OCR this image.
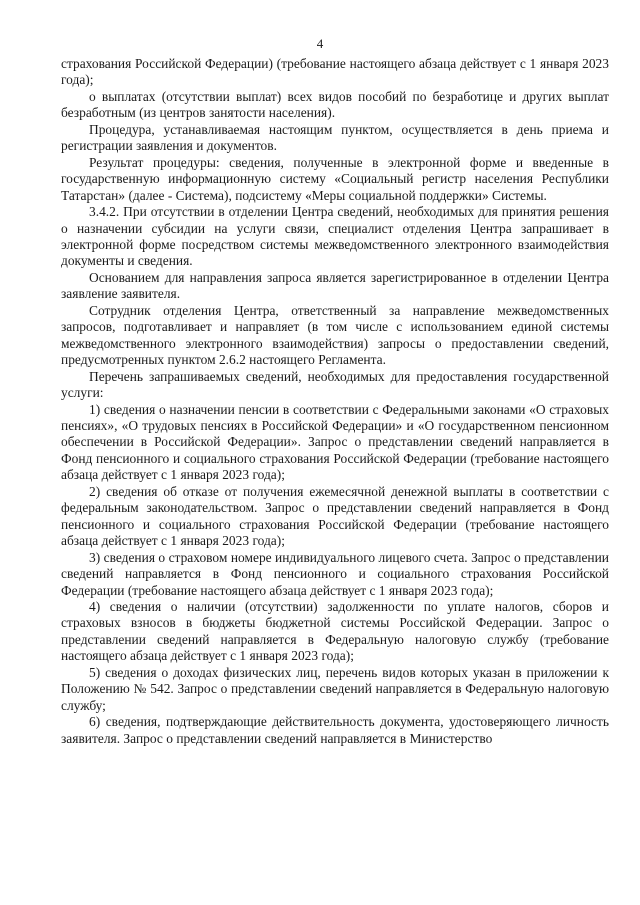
4

страхования Российской Федерации) (требование настоящего абзаца действует с 1 января 2023 года);

о выплатах (отсутствии выплат) всех видов пособий по безработице и других выплат безработным (из центров занятости населения).

Процедура, устанавливаемая настоящим пунктом, осуществляется в день приема и регистрации заявления и документов.

Результат процедуры: сведения, полученные в электронной форме и введенные в государственную информационную систему «Социальный регистр населения Республики Татарстан» (далее - Система), подсистему «Меры социальной поддержки» Системы.

3.4.2. При отсутствии в отделении Центра сведений, необходимых для принятия решения о назначении субсидии на услуги связи, специалист отделения Центра запрашивает в электронной форме посредством системы межведомственного электронного взаимодействия документы и сведения.

Основанием для направления запроса является зарегистрированное в отделении Центра заявление заявителя.

Сотрудник отделения Центра, ответственный за направление межведомственных запросов, подготавливает и направляет (в том числе с использованием единой системы межведомственного электронного взаимодействия) запросы о предоставлении сведений, предусмотренных пунктом 2.6.2 настоящего Регламента.

Перечень запрашиваемых сведений, необходимых для предоставления государственной услуги:

1) сведения о назначении пенсии в соответствии с Федеральными законами «О страховых пенсиях», «О трудовых пенсиях в Российской Федерации» и «О государственном пенсионном обеспечении в Российской Федерации». Запрос о представлении сведений направляется в Фонд пенсионного и социального страхования Российской Федерации (требование настоящего абзаца действует с 1 января 2023 года);

2) сведения об отказе от получения ежемесячной денежной выплаты в соответствии с федеральным законодательством. Запрос о представлении сведений направляется в Фонд пенсионного и социального страхования Российской Федерации (требование настоящего абзаца действует с 1 января 2023 года);

3) сведения о страховом номере индивидуального лицевого счета. Запрос о представлении сведений направляется в Фонд пенсионного и социального страхования Российской Федерации (требование настоящего абзаца действует с 1 января 2023 года);

4) сведения о наличии (отсутствии) задолженности по уплате налогов, сборов и страховых взносов в бюджеты бюджетной системы Российской Федерации. Запрос о представлении сведений направляется в Федеральную налоговую службу (требование настоящего абзаца действует с 1 января 2023 года);

5) сведения о доходах физических лиц, перечень видов которых указан в приложении к Положению № 542. Запрос о представлении сведений направляется в Федеральную налоговую службу;

6) сведения, подтверждающие действительность документа, удостоверяющего личность заявителя. Запрос о представлении сведений направляется в Министерство
